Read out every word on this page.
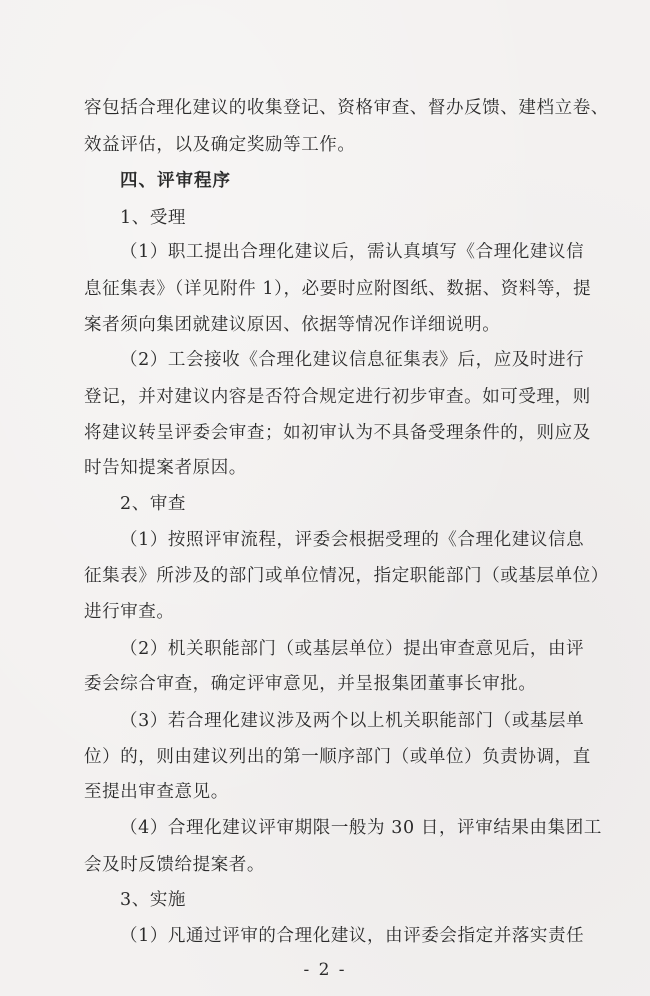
容包括合理化建议的收集登记、资格审查、督办反馈、建档立卷、
效益评估，以及确定奖励等工作。
四、评审程序
1、受理
（1）职工提出合理化建议后，需认真填写《合理化建议信
息征集表》（详见附件 1），必要时应附图纸、数据、资料等，提
案者须向集团就建议原因、依据等情况作详细说明。
（2）工会接收《合理化建议信息征集表》后，应及时进行
登记，并对建议内容是否符合规定进行初步审查。如可受理，则
将建议转呈评委会审查；如初审认为不具备受理条件的，则应及
时告知提案者原因。
2、审查
（1）按照评审流程，评委会根据受理的《合理化建议信息
征集表》所涉及的部门或单位情况，指定职能部门（或基层单位）
进行审查。
（2）机关职能部门（或基层单位）提出审查意见后，由评
委会综合审查，确定评审意见，并呈报集团董事长审批。
（3）若合理化建议涉及两个以上机关职能部门（或基层单
位）的，则由建议列出的第一顺序部门（或单位）负责协调，直
至提出审查意见。
（4）合理化建议评审期限一般为 30 日，评审结果由集团工
会及时反馈给提案者。
3、实施
（1）凡通过评审的合理化建议，由评委会指定并落实责任
- 2 -
